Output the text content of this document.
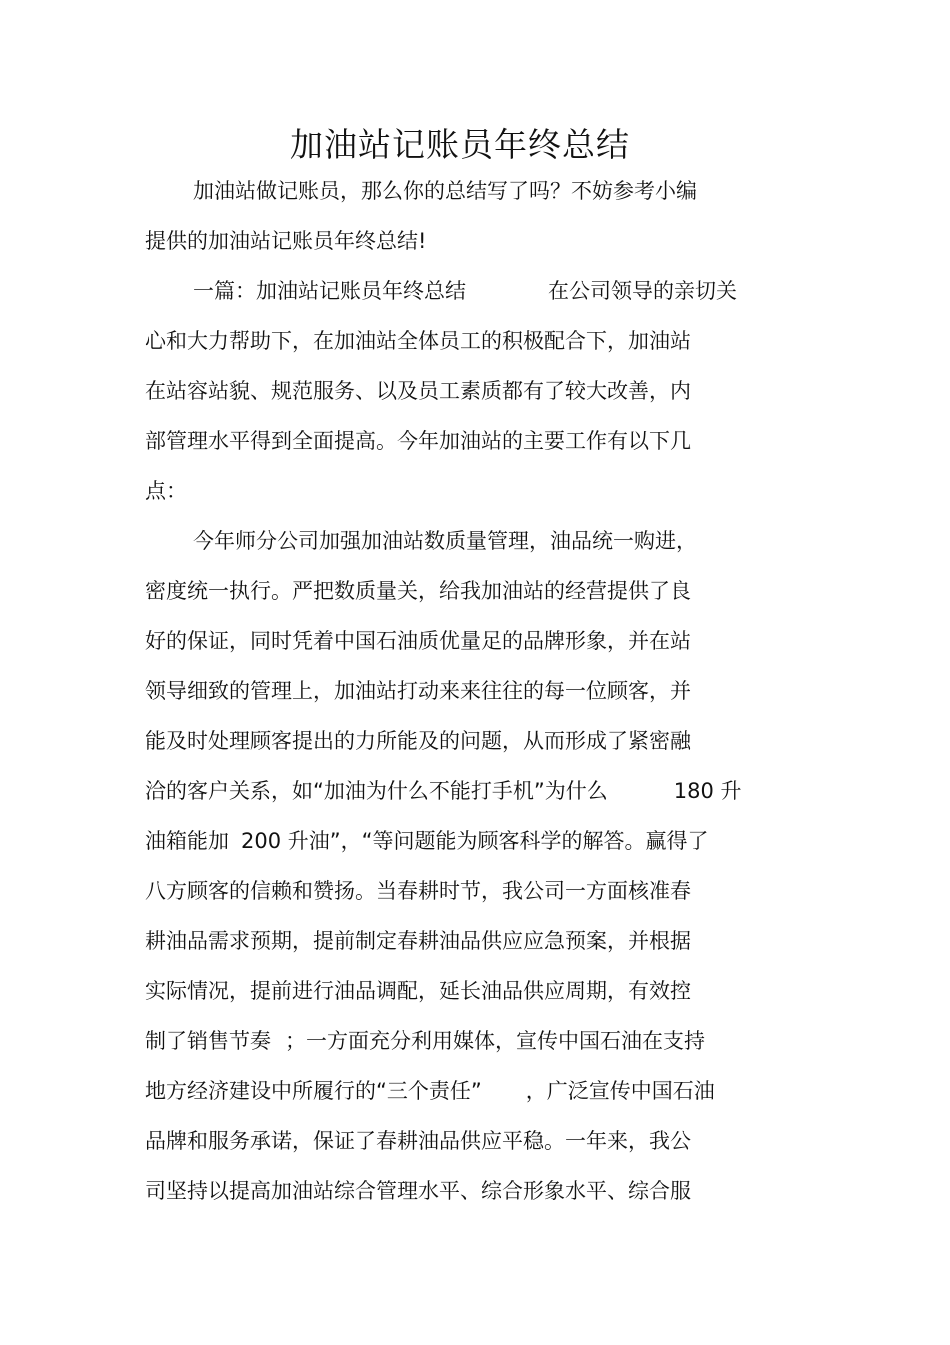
加油站记账员年终总结
加油站做记账员，那么你的总结写了吗？不妨参考小编
提供的加油站记账员年终总结!
一篇：加油站记账员年终总结	在公司领导的亲切关
心和大力帮助下，在加油站全体员工的积极配合下，加油站
在站容站貌、规范服务、以及员工素质都有了较大改善，内
部管理水平得到全面提高。今年加油站的主要工作有以下几
点：
今年师分公司加强加油站数质量管理，油品统一购进，
密度统一执行。严把数质量关，给我加油站的经营提供了良
好的保证，同时凭着中国石油质优量足的品牌形象，并在站
领导细致的管理上，加油站打动来来往往的每一位顾客，并
能及时处理顾客提出的力所能及的问题，从而形成了紧密融
洽的客户关系，如“加油为什么不能打手机”为什么	180 升
油箱能加 200 升油”，“等问题能为顾客科学的解答。赢得了
八方顾客的信赖和赞扬。当春耕时节，我公司一方面核准春
耕油品需求预期，提前制定春耕油品供应应急预案，并根据
实际情况，提前进行油品调配，延长油品供应周期，有效控
制了销售节奏 ；一方面充分利用媒体，宣传中国石油在支持
地方经济建设中所履行的“三个责任” ，广泛宣传中国石油
品牌和服务承诺，保证了春耕油品供应平稳。一年来，我公
司坚持以提高加油站综合管理水平、综合形象水平、综合服
